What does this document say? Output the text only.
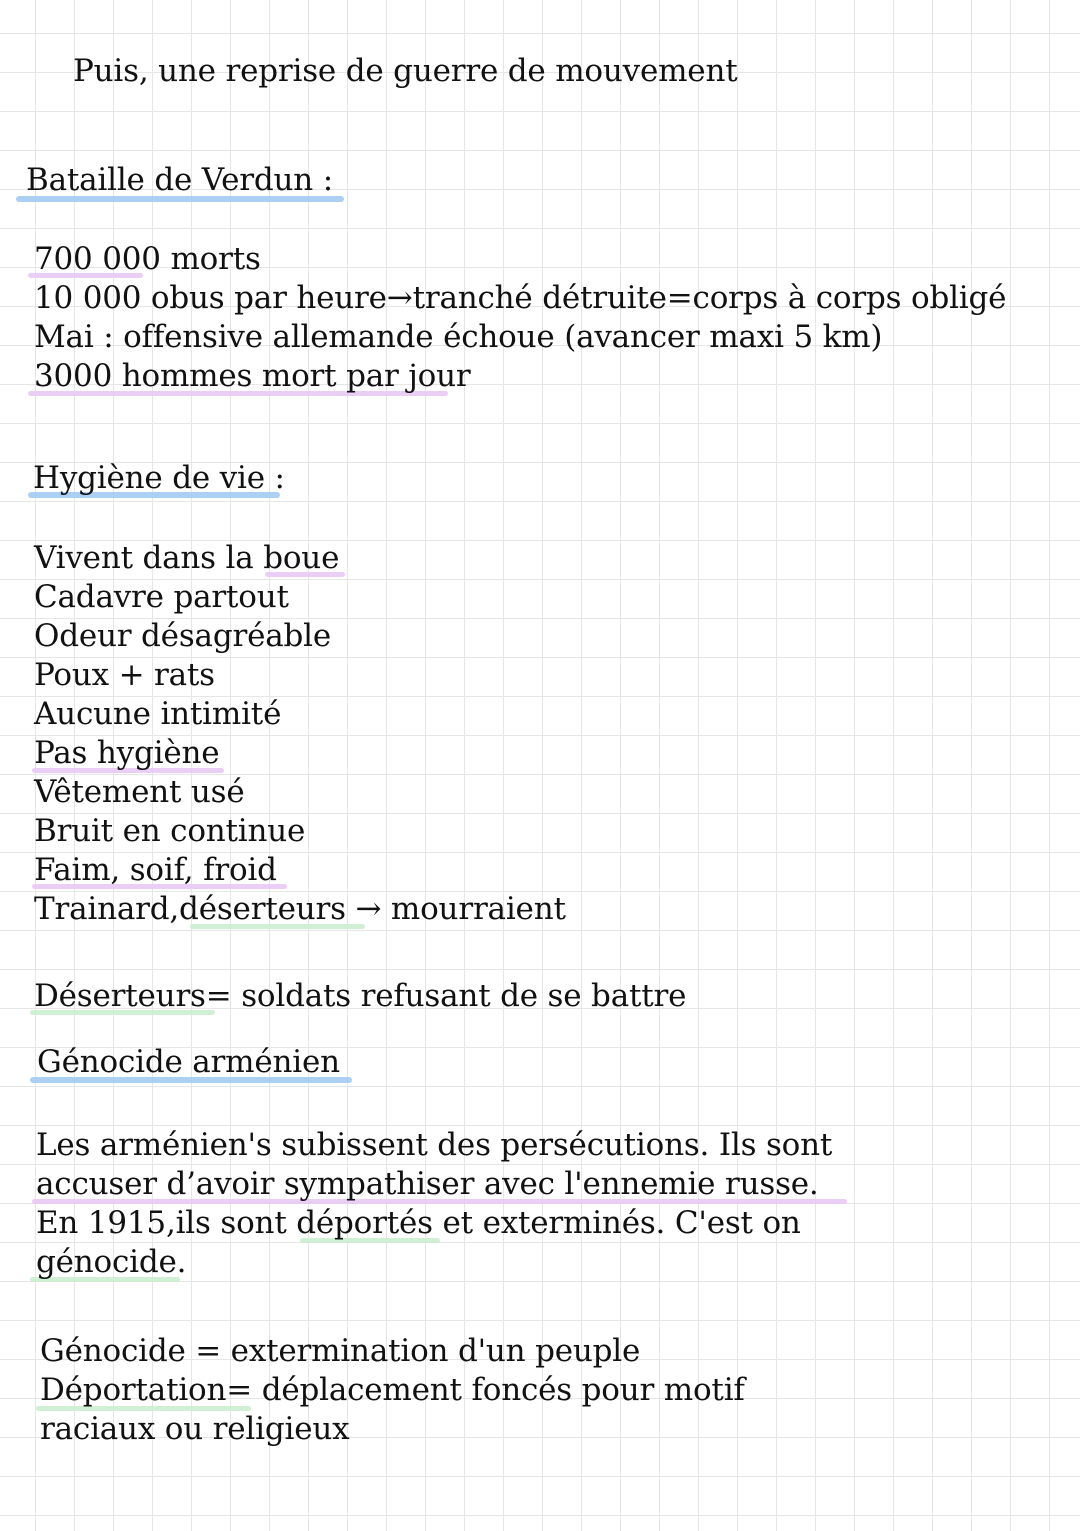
Puis, une reprise de guerre de mouvement
Bataille de Verdun :
700 000 morts
10 000 obus par heure→tranché détruite=corps à corps obligé
Mai : offensive allemande échoue (avancer maxi 5 km)
3000 hommes mort par jour
Hygiène de vie :
Vivent dans la boue
Cadavre partout
Odeur désagréable
Poux + rats
Aucune intimité
Pas hygiène
Vêtement usé
Bruit en continue
Faim, soif, froid
Trainard,déserteurs → mourraient
Déserteurs= soldats refusant de se battre
Génocide arménien
Les arménien's subissent des persécutions. Ils sont
accuser d’avoir sympathiser avec l'ennemie russe.
En 1915,ils sont déportés et exterminés. C'est on
génocide.
Génocide = extermination d'un peuple
Déportation= déplacement foncés pour motif
raciaux ou religieux
